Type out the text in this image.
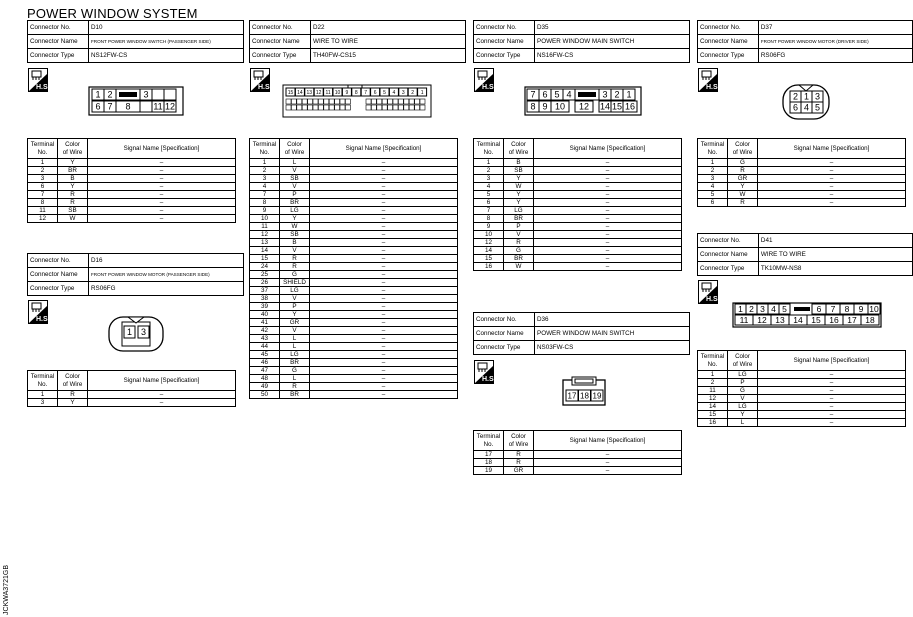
POWER WINDOW SYSTEM
Connector No.	D10
Connector Name	FRONT POWER WINDOW SWITCH (PASSENGER SIDE)
Connector Type	NS12FW-CS
H.S.
1 2	3
6 7 8	11 12
Terminal
No.	Color
of Wire	Signal Name [Specification]
1	Y	–
2	BR	–
3	B	–
6	Y	–
7	R	–
8	R	–
11	SB	–
12	W	–
Connector No.	D16
Connector Name	FRONT POWER WINDOW MOTOR (PASSENGER SIDE)
Connector Type	RS06FG
H.S.
1 3
Terminal
No.	Color
of Wire	Signal Name [Specification]
1	R	–
3	Y	–
Connector No.	D22
Connector Name	WIRE TO WIRE
Connector Type	TH40FW-CS15
H.S.
15 14 13 12 11 10 9 8 7 6 5 4 3 2 1
Terminal
No.	Color
of Wire	Signal Name [Specification]
1	L	–
2	V	–
3	SB	–
4	V	–
7	P	–
8	BR	–
9	LG	–
10	Y	–
11	W	–
12	SB	–
13	B	–
14	V	–
15	R	–
24	R	–
25	G	–
26	SHIELD	–
37	LG	–
38	V	–
39	P	–
40	Y	–
41	GR	–
42	V	–
43	L	–
44	L	–
45	LG	–
46	BR	–
47	G	–
48	L	–
49	R	–
50	BR	–
Connector No.	D35
Connector Name	POWER WINDOW MAIN SWITCH
Connector Type	NS16FW-CS
H.S.
7 6 5 4	3 2 1
8 9 10 12 14 15 16
Terminal
No.	Color
of Wire	Signal Name [Specification]
1	B	–
2	SB	–
3	Y	–
4	W	–
5	Y	–
6	Y	–
7	LG	–
8	BR	–
9	P	–
10	V	–
12	R	–
14	G	–
15	BR	–
16	W	–
Connector No.	D36
Connector Name	POWER WINDOW MAIN SWITCH
Connector Type	NS03FW-CS
H.S.
17 18 19
Terminal
No.	Color
of Wire	Signal Name [Specification]
17	R	–
18	R	–
19	GR	–
Connector No.	D37
Connector Name	FRONT POWER WINDOW MOTOR (DRIVER SIDE)
Connector Type	RS06FG
H.S.
2 1 3
6 4 5
Terminal
No.	Color
of Wire	Signal Name [Specification]
1	G	–
2	R	–
3	GR	–
4	Y	–
5	W	–
6	R	–
Connector No.	D41
Connector Name	WIRE TO WIRE
Connector Type	TK10MW-NS8
H.S.
1 2 3 4 5	6 7 8 9 10
11 12 13 14 15 16 17 18
Terminal
No.	Color
of Wire	Signal Name [Specification]
1	LG	–
2	P	–
11	G	–
12	V	–
14	LG	–
15	Y	–
16	L	–
JCKWA3721GB
